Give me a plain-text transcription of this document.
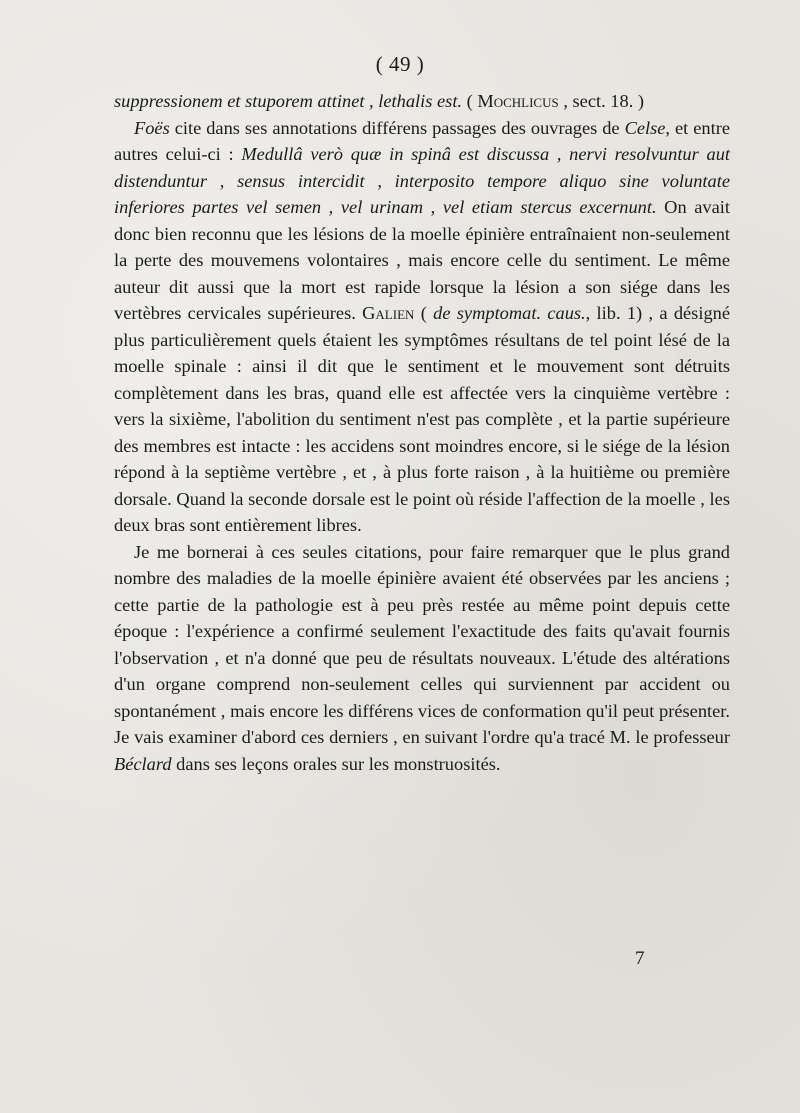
( 49 )

suppressionem et stuporem attinet , lethalis est. ( Mochlicus , sect. 18. )

Foës cite dans ses annotations différens passages des ouvrages de Celse, et entre autres celui-ci : Medullâ verò quæ in spinâ est discussa , nervi resolvuntur aut distenduntur , sensus intercidit , interposito tempore aliquo sine voluntate inferiores partes vel semen , vel urinam , vel etiam stercus excernunt. On avait donc bien reconnu que les lésions de la moelle épinière entraînaient non-seulement la perte des mouvemens volontaires , mais encore celle du sentiment. Le même auteur dit aussi que la mort est rapide lorsque la lésion a son siége dans les vertèbres cervicales supérieures. Galien ( de symptomat. caus., lib. 1) , a désigné plus particulièrement quels étaient les symptômes résultans de tel point lésé de la moelle spinale : ainsi il dit que le sentiment et le mouvement sont détruits complètement dans les bras, quand elle est affectée vers la cinquième vertèbre : vers la sixième, l'abolition du sentiment n'est pas complète , et la partie supérieure des membres est intacte : les accidens sont moindres encore, si le siége de la lésion répond à la septième vertèbre , et , à plus forte raison , à la huitième ou première dorsale. Quand la seconde dorsale est le point où réside l'affection de la moelle , les deux bras sont entièrement libres.

Je me bornerai à ces seules citations, pour faire remarquer que le plus grand nombre des maladies de la moelle épinière avaient été observées par les anciens ; cette partie de la pathologie est à peu près restée au même point depuis cette époque : l'expérience a confirmé seulement l'exactitude des faits qu'avait fournis l'observation , et n'a donné que peu de résultats nouveaux. L'étude des altérations d'un organe comprend non-seulement celles qui surviennent par accident ou spontanément , mais encore les différens vices de conformation qu'il peut présenter. Je vais examiner d'abord ces derniers , en suivant l'ordre qu'a tracé M. le professeur Béclard dans ses leçons orales sur les monstruosités.

7
